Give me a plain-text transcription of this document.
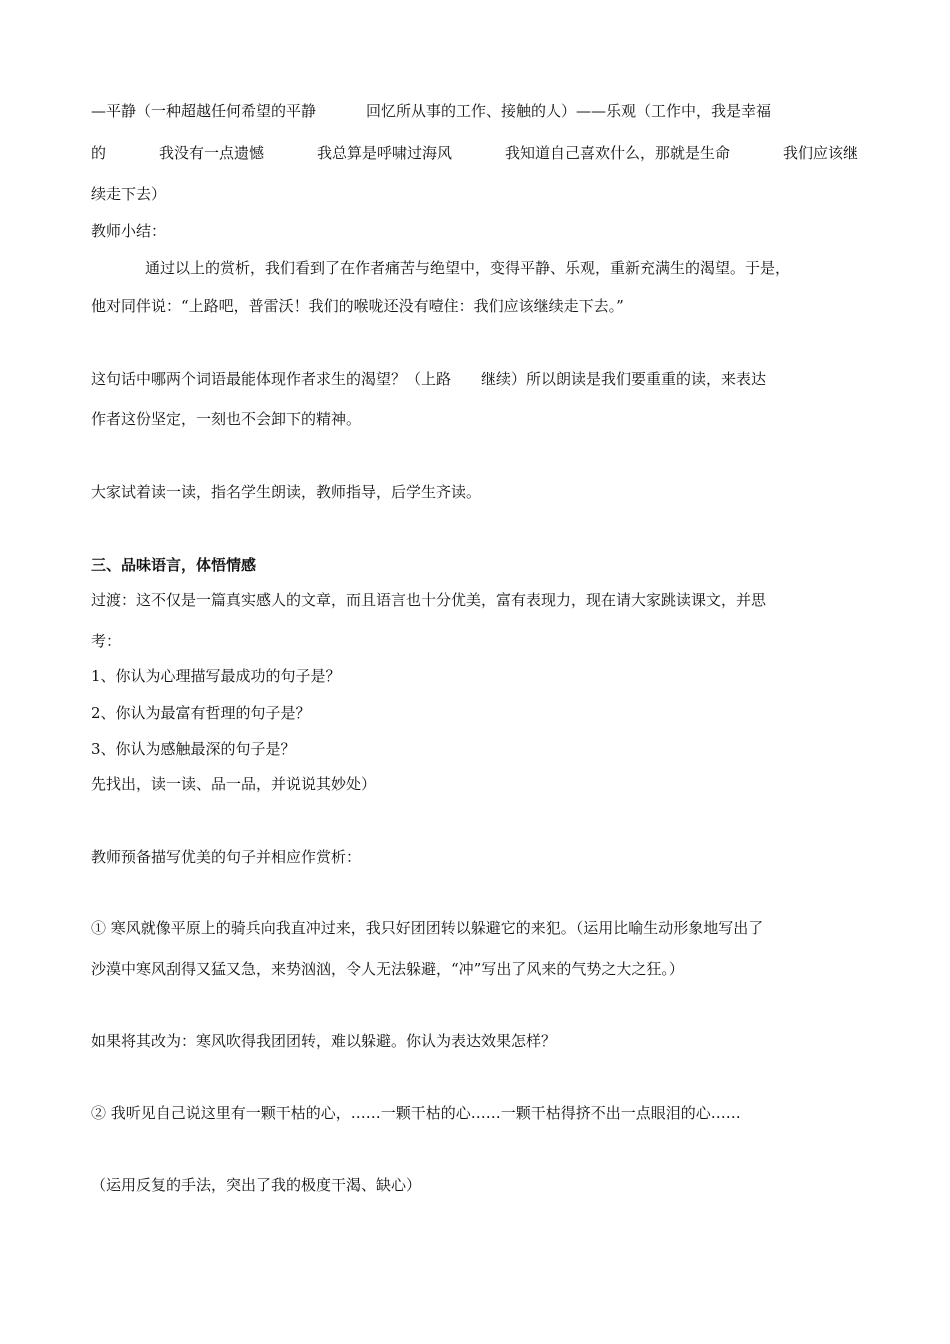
—平静（一种超越任何希望的平静	回忆所从事的工作、接触的人）——乐观（工作中，我是幸福

的	我没有一点遗憾	我总算是呼啸过海风	我知道自己喜欢什么，那就是生命	我们应该继

续走下去）

教师小结：

通过以上的赏析，我们看到了在作者痛苦与绝望中，变得平静、乐观，重新充满生的渴望。于是，

他对同伴说：“上路吧，普雷沃！我们的喉咙还没有噎住：我们应该继续走下去。”

这句话中哪两个词语最能体现作者求生的渴望？（上路　　继续）所以朗读是我们要重重的读，来表达

作者这份坚定，一刻也不会卸下的精神。

大家试着读一读，指名学生朗读，教师指导，后学生齐读。

三、品味语言，体悟情感

过渡：这不仅是一篇真实感人的文章，而且语言也十分优美，富有表现力，现在请大家跳读课文，并思

考：

1、你认为心理描写最成功的句子是？

2、你认为最富有哲理的句子是？

3、你认为感触最深的句子是？

先找出，读一读、品一品，并说说其妙处）

教师预备描写优美的句子并相应作赏析：

① 寒风就像平原上的骑兵向我直冲过来，我只好团团转以躲避它的来犯。（运用比喻生动形象地写出了

沙漠中寒风刮得又猛又急，来势汹汹，令人无法躲避，“冲”写出了风来的气势之大之狂。）

如果将其改为：寒风吹得我团团转，难以躲避。你认为表达效果怎样？

② 我听见自己说这里有一颗干枯的心，……一颗干枯的心……一颗干枯得挤不出一点眼泪的心……

（运用反复的手法，突出了我的极度干渴、缺心）
